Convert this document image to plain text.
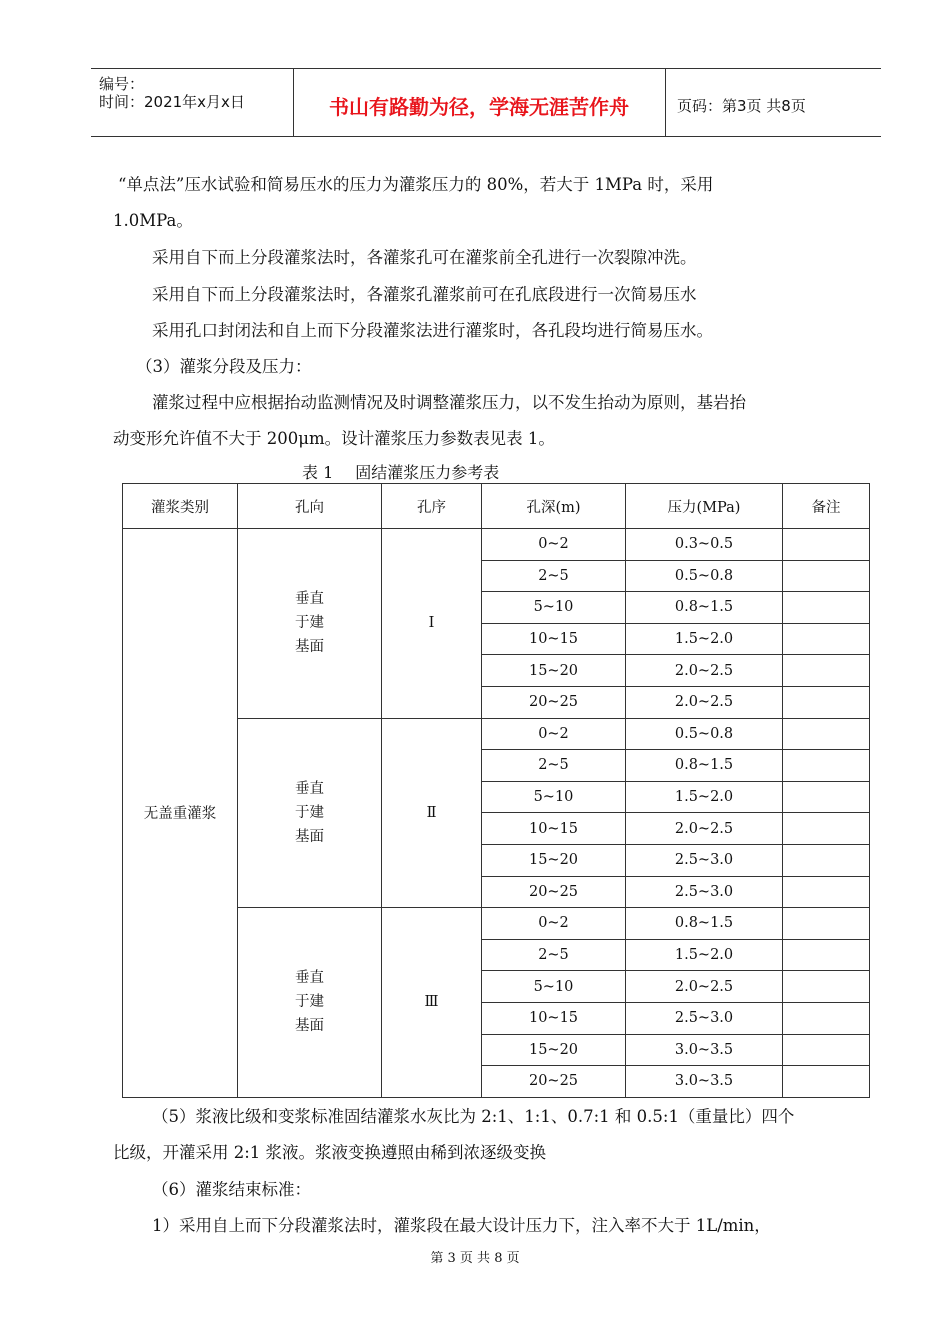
编号：
时间：2021年x月x日	书山有路勤为径，学海无涯苦作舟	页码：第3页 共8页
“单点法”压水试验和简易压水的压力为灌浆压力的 80%，若大于 1MPa 时，采用
1.0MPa。
采用自下而上分段灌浆法时，各灌浆孔可在灌浆前全孔进行一次裂隙冲洗。
采用自下而上分段灌浆法时，各灌浆孔灌浆前可在孔底段进行一次简易压水
采用孔口封闭法和自上而下分段灌浆法进行灌浆时，各孔段均进行简易压水。
（3）灌浆分段及压力：
灌浆过程中应根据抬动监测情况及时调整灌浆压力，以不发生抬动为原则，基岩抬
动变形允许值不大于 200μm。设计灌浆压力参数表见表 1。
表 1 固结灌浆压力参考表
灌浆类别	孔向	孔序	孔深(m)	压力(MPa)	备注
无盖重灌浆	垂直
于建
基面	Ⅰ	0~2	0.3~0.5	
			2~5	0.5~0.8	
			5~10	0.8~1.5	
			10~15	1.5~2.0	
			15~20	2.0~2.5	
			20~25	2.0~2.5	
	垂直
于建
基面	Ⅱ	0~2	0.5~0.8	
			2~5	0.8~1.5	
			5~10	1.5~2.0	
			10~15	2.0~2.5	
			15~20	2.5~3.0	
			20~25	2.5~3.0	
	垂直
于建
基面	Ⅲ	0~2	0.8~1.5	
			2~5	1.5~2.0	
			5~10	2.0~2.5	
			10~15	2.5~3.0	
			15~20	3.0~3.5	
			20~25	3.0~3.5	
（5）浆液比级和变浆标准固结灌浆水灰比为 2:1、1:1、0.7:1 和 0.5:1（重量比）四个
比级，开灌采用 2:1 浆液。浆液变换遵照由稀到浓逐级变换
（6）灌浆结束标准：
1）采用自上而下分段灌浆法时，灌浆段在最大设计压力下，注入率不大于 1L/min，
第 3 页 共 8 页
